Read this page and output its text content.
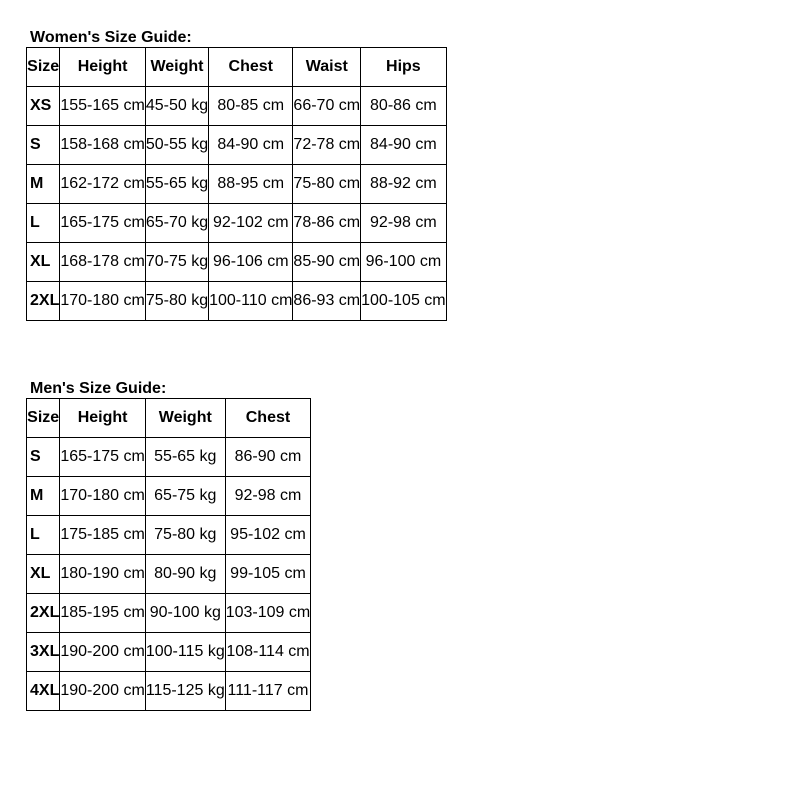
Women's Size Guide:
Size	Height	Weight	Chest	Waist	Hips
XS	155-165 cm	45-50 kg	80-85 cm	66-70 cm	80-86 cm
S	158-168 cm	50-55 kg	84-90 cm	72-78 cm	84-90 cm
M	162-172 cm	55-65 kg	88-95 cm	75-80 cm	88-92 cm
L	165-175 cm	65-70 kg	92-102 cm	78-86 cm	92-98 cm
XL	168-178 cm	70-75 kg	96-106 cm	85-90 cm	96-100 cm
2XL	170-180 cm	75-80 kg	100-110 cm	86-93 cm	100-105 cm
Men's Size Guide:
Size	Height	Weight	Chest
S	165-175 cm	55-65 kg	86-90 cm
M	170-180 cm	65-75 kg	92-98 cm
L	175-185 cm	75-80 kg	95-102 cm
XL	180-190 cm	80-90 kg	99-105 cm
2XL	185-195 cm	90-100 kg	103-109 cm
3XL	190-200 cm	100-115 kg	108-114 cm
4XL	190-200 cm	115-125 kg	111-117 cm
